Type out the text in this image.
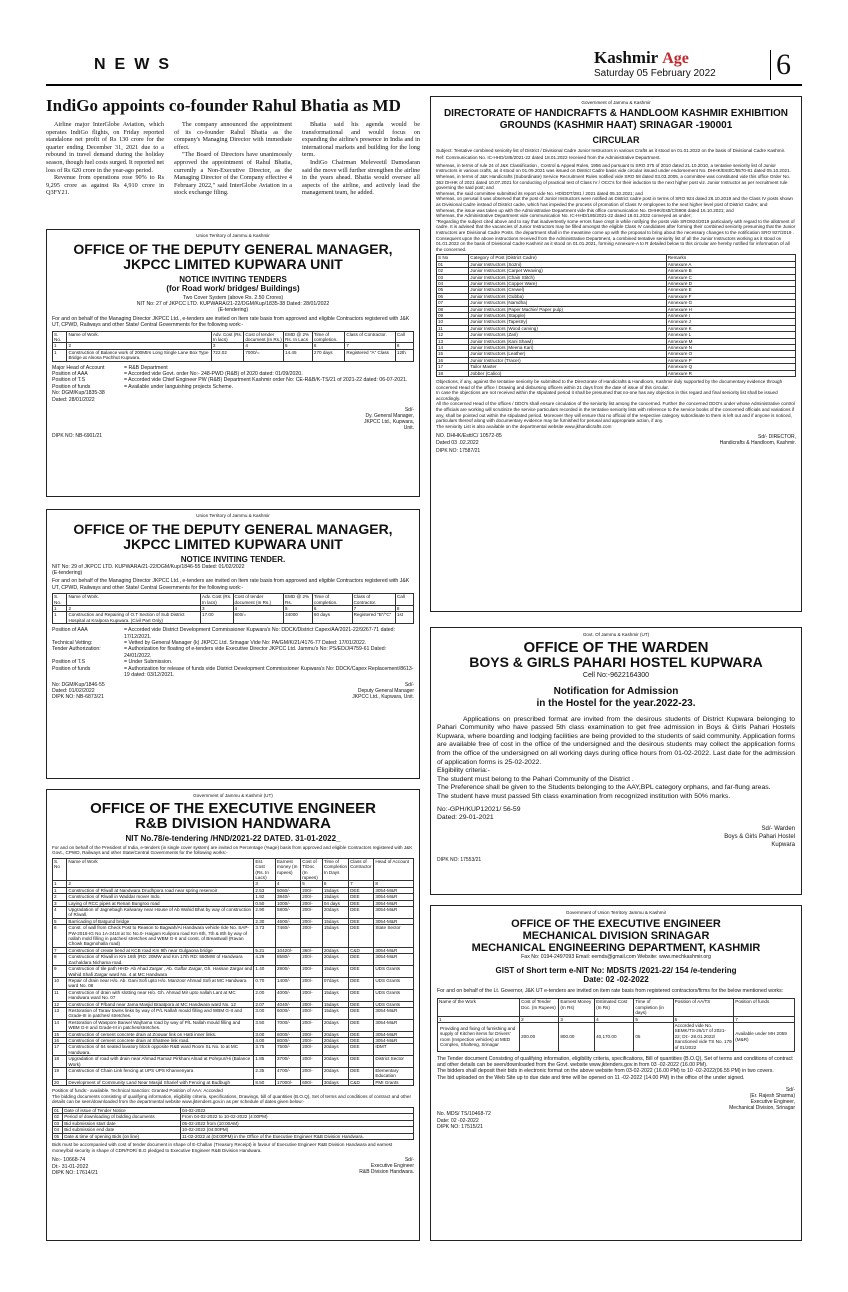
NEWS	Kashmir Age
Saturday 05 February 2022 6
IndiGo appoints co-founder Rahul Bhatia as MD

Airline major InterGlobe Aviation, which operates IndiGo flights, on Friday reported standalone net profit of Rs 130 crore for the quarter ending December 31, 2021 due to a rebound in travel demand during the holiday season, though fuel costs surged. It reported net loss of Rs 620 crore in the year-ago period.

Revenue from operations rose 90% to Rs 9,295 crore as against Rs 4,910 crore in Q3FY21.

The company announced the appointment of its co-founder Rahul Bhatia as the company's Managing Director with immediate effect.

"The Board of Directors have unanimously approved the appointment of Rahul Bhatia, currently a Non-Executive Director, as the Managing Director of the Company effective 4 February 2022," said InterGlobe Aviation in a stock exchange filing.

Bhatia said his agenda would be transformational and would focus on expanding the airline's presence in India and in international markets and building for the long term.

IndiGo Chairman Meleveetil Damodaran said the move will further strengthen the airline in the years ahead. Bhatia would oversee all aspects of the airline, and actively lead the management team, he added.

Union Territory of Jammu & Kashmir
OFFICE OF THE DEPUTY GENERAL MANAGER, JKPCC LIMITED KUPWARA UNIT
NOTICE INVITING TENDERS
(for Road work/ bridges/ Buildings)
Two Cover System (above Rs. 2.50 Crores)
NIT No: 27 of JKPCC LTD. KUPWARA/21-22/DGM/Kup/1835-38 Dated: 28/01/2022
(E-tendering)
For and on behalf of the Managing Director JKPCC Ltd., e-tenders are invited on Item rate basis from approved and eligible Contractors registered with J&K UT, CPWD, Railways and other State/ Central Governments for the following work:-
S. No.	Name of Work.	Adv. Cost (Rs. In lacs)	Cost of tender document (In Rs.)	EMD @ 2% Rs. In Lacs	Time of completion.	Class of Contractor.	Call
1	2	3	4	5	6	7	8
1	Construction of Balance work of 200Mtrs Long Single Lane Box Type Bridge at Alsosa Pachhut Kupwara.	722.02	7000/=	14.45	270 days	Registered "A" Class	12th
Major Head of Account	= R&B Department
Position of AAA	= Accorded vide Govt. order No:- 248-PWD (R&B) of 2020 dated: 01/09/2020.
Position of T.S	= Accorded vide Chief Engineer PW (R&B) Department Kashmir order No: CE-R&B/K-TS/21 of 2021-22 dated: 06-07-2021.
Position of funds	= Available under languishing projects Scheme.
No: DGM/Kup/1835-38
Dated: 28/01/2022
Sd/-
Dy. General Manager,
JKPCC Ltd., Kupwara,
Unit.
DIPK NO: NB-6901/21
Union Territory of Jammu & Kashmir
OFFICE OF THE DEPUTY GENERAL MANAGER, JKPCC LIMITED KUPWARA UNIT
NOTICE INVITING TENDER.
NIT No: 29 of JKPCC LTD. KUPWARA/21-22/DGM/Kup/1846-55 Dated: 01/02/2022
(E-tendering)
For and on behalf of the Managing Director JKPCC Ltd., e-tenders are invited on Item rate basis from approved and eligible Contractors registered with J&K UT, CPWD, Railways and other State/ Central Governments for the following work:-
S. No.	Name of Work.	Adv. Cost (Rs. In lacs)	Cost of tender document (In Rs.)	EMD @ 2% Rs.	Time of completion.	Class of Contractor.	Call
1	2	3	4	5	6	7	8
1	Construction and Repairing of O.T Section of Sub District Hospital at Kralpora Kupwara. (Civil Part Only)	17.00	800/=	34000	60 days	Registered "B"/"C"	1st
Position of AAA	= Accorded vide District Development Commissioner Kupwara's No: DDCK/District Capex/AA/2021-22/9267-71 dated: 17/12/2021.
Technical Vetting:	= Vetted by General Manager (k) JKPCC Ltd. Srinagar Vide No: PA/GM/K/21/4176-77 Dated: 17/01/2022.
Tender Authorization:	= Authorization for floating of e-tenders vide Executive Director JKPCC Ltd. Jammu's No: PS/ED/J/4759-61 Dated: 24/01/2022.
Position of T.S	= Under Submission.
Position of funds	= Authorization for release of funds vide District Development Commissioner Kupwara's No: DDCK/Capex Replacement/8613-19 dated: 03/12/2021.
No: DGM/Kup/1846-55
Dated: 01/02/2022
DIPK NO: NB-6873/21
Sd/-
Deputy General Manager
JKPCC Ltd., Kupwara, Unit.
Government of Jammu & Kashmir (UT)
OFFICE OF THE EXECUTIVE ENGINEER
R&B DIVISION HANDWARA
NIT No.78/e-tendering /HND/2021-22 DATED. 31-01-2022_
For and on behalf of the President of India, e-tenders (in single cover system) are invited on Percentage (%age) basis from approved and eligible Contractors registered with J&K Govt., CPWD, Railways and other State/Central Governments for the following works:-
S. No	Name of Work	Est. Cost (Rs. In Lacs)	Earnest money (In rupees)	Cost of T/Doc (In rupees)	Time of Completion In Days	Class of Contractor	Head of Account
1	2	3	4	5	6	7	8
1	Construction of R/wall at Nandwara Drudhpora road near spring reservoir	2.53	5060/-	200/-	15days	DEE	3054-M&R
2	Construction of R/wall in Waddar mover Indo.	1.92	3840/-	200/-	15days	DEE	3054-M&R
3	Laying of RCC pipes at Renan Bungroo road	0.50	1000/-	200/-	04 days	DEE	3054-M&R
4	Upgradation of Jagnebagh Kalwaray near House of Ab Wahid Bhat by way of construction of R/wall.	2.90	5800/-	200/-	20days	DEE	3054-M&R
5	Barricading of Batgund bridge	2.30	4600/-	200/-	15days	DEE	3054-M&R
6	Const. of wall from Check Post to Reason to Bagwah/Ai Handwara vehicle ride No. SAP-PW-2018-IG No 1A-2418 at Sc No.0- Haigam Kulipora road Km 6th, 7th & 8th by way of nallah mold filling in patches/ stretches and WBM G-II and const. of Breastwall (Ravan Chowk Bagmohalla road)	3.73	7460/-	200/-	15days	DEE	State Sector
7	Construction of create bend at KCB road Km 9th near Gulgaona bridge	5.21	10420/-	360/-	20days	C&D	3054-M&R
8	Construction of R/wall in Km 16th (RD: 20MW and Km 17th RD: 550MW of Handwara Zachaldara Nichama road.	4.29	8580/-	200/-	20days	DEE	3054-M&R
9	Construction of tile path HHD- Ab Ahad Zargar , Ab. Gaffar Zargar, Gh. Hassan Zargar and Wahid Shafi Zargar ward No. 4 at MC Handwara	1.40	2800/-	200/-	15days	DEE	UDS Grants
10	Repair of drain near H/o. Ab. Gani Sofi upto H/o. Manzoor Ahmad Sofi at MC Handwara ward No. 08	0.70	1400/-	200/-	07days	DEE	UDS Grants
11	Construction of drain with slotting near H/o. Gh. Ahmad Mir upto nallah Lant at MC Handwara ward No. 07	2.00	4000/-	200/-	15days	DEE	UDS Grants
12	Construction of P/band near Jama Masjid Braatpora at MC Handwara ward No. 12	2.07	4040/-	200/-	15days	DEE	UDS Grants
13	Restoration of Taraw towns links by way of P/L Nallah mould filling and WBM G-II and Grade-III in patches/ stretches.	3.00	6000/-	200/-	15days	DEE	3054-M&R
14	Restoration of Waspore Barwel Wajhama road by way of P/L Nallah mould filling and WBM G-II and Grade-III in patches/stretches.	3.50	7000/-	200/-	20days	DEE	3054-M&R
15	Construction of cement concrete drain at Zoowar link on Hatti inner links.	3.00	6000/-	200/-	20days	DEE	3054-M&R
16	Construction of cement concrete drain at Shatnee link road.	4.00	8000/-	200/-	20days	DEE	3054-M&R
17	Construction of 64 seated lavatory block opposite R&B ward Room SL No. to at MC Handwara.	3.75	7500/-	200/-	20days	DEE	IDMT
18	Upgradation of road with drain near Ahmad Ramaz Pirkhani Alnad at Pohrpur/Hi (Balance Work)	1.85	3700/-	200/-	20days	DEE	District Sector
19	Construction of Chain Link fencing at UPS UPS Khanvenyara	2.35	4700/-	200/-	20days	DEE	Elementary Education
20	Development of Community Land Near Masjid Sharief with Fencing at Budbugh	8.50	17000/-	600/-	30days	C&D	PMI Grants
Position of funds:- available. Technical Sanction: Granted Position of AAA: Accorded
The bidding documents consisting of qualifying information, eligibility criteria, specifications, Drawings, bill of quantities (B.O.Q), Set of terms and conditions of contract and other details can be seen/downloaded from the departmental website www.jktenders.gov.in as per schedule of dates given below:-
01	Date of issue of Tender Notice	04-02-2022
02	Period of downloading of bidding documents	From 04-02-2022 to 10-02-2022 (4:00PM)
03	Bid submission start date	05-02-2022 from (10:00AM)
04	Bid submission end date	10-02-2022 (04:00PM)
05	Date & time of opening Bids (on line)	11-02-2022 at (04:00PM) in the Office of the Executive Engineer R&B Division Handwara.
Bids must be accompanied with cost of tender document in shape of E-Challan (Treasury Receipt) in favour of Executive Engineer R&B Division Handwara and earnest money/bid security in shape of CDR/FDR/ B.G pledged to Executive Engineer R&B Division Handwara.
No:- 10668-74
Dt:- 31-01-2022
DIPK NO: 17614/21
Sd/-
Executive Engineer
R&B Division Handwara.
Government of Jammu & Kashmir
DIRECTORATE OF HANDICRAFTS & HANDLOOM KASHMIR EXHIBITION GROUNDS (KASHMIR HAAT) SRINAGAR -190001
CIRCULAR
Subject: Tentative combined seniority list of District / Divisional Cadre Junior Instructors in various Crafts as it stood on 01.01.2022 on the basis of Divisional Cadre Kashmir.
Ref: Communication No. IC-HHD/185/2021-22 dated 18.01.2022 received from the Administrative Department.

Whereas, in terms of rule 24 of J&K Classification , Control & Appeal Rules, 1956 and pursuant to SRO 375 of 2010 dated 21.10.2010, a tentative seniority list of Junior Instructors in various crafts, as it stood on 01.09.2021 was issued on District Cadre basis vide circular issued under endorsement No. DHHK/Estt/C/5570-81 dated 05.10.2021.

Whereas, in terms of J&K Handicrafts (Subordinate) Service Recruitment Rules notified vide SRO 58 dated 03.03.2005, a committee was constituted vide this office Order No. 362 DHHK of 2021 dated 10.07.2021 for conducting of practical test of Class IV / OCC's for their induction to the next higher post viz. Junior Instructor as per recruitment rule governing the said post; and

Whereas, the said committee submitted its report vide No. HD/DDT/281 / 2021 dated 05.10.2021; and

Whereas, on perusal it was observed that the post of Junior Instructors were notified as District cadre post in terms of SRO 924 dated 26.10.2019 and the Class IV posts shown as Divisional Cadre instead of District cadre, which has impeded the process of promotion of Class IV employees to the next higher level post of District Cadre; and

Whereas, the issue was taken up with the Administrative Department vide this office communication No. DHHK/Estt/C/5908 dated 16.10.2021; and

Whereas, the Administrative Department vide communication No. IC-HHD/185/2021-22 dated 18.01.2022 conveyed as under;

"Regarding the subject cited above and to say that inadvertently some errors have crept in while notifying the posts vide SRO924/2019 particularly with regard to the allotment of cadre. It is advised that the vacancies of Junior Instructors may be filled amongst the eligible Class IV candidates after forming their combined seniority presuming that the Junior Instructors are Divisional Cadre Posts. the department shall in the meantime come up with the proposal to bring about the necessary changes to the notification SRO 927/2019 . Consequent upon the above instructions received from the Administrative Department, a combined tentative seniority list of all the Junior Instructors working as it stood on 01.01.2022 on the basis of Divisional Cadre Kashmir as it stood on 01.01.2021, forming Annexure-A to R detailed below to this circular are hereby notified for information of all the concerned.

S No	Category of Post (District Cadre)	Remarks
01	Junior Instructors (Sozni)	Annexure A
02	Junior Instructors (Carpet Weaving)	Annexure B
03	Junior Instructors (Chain Stitch)	Annexure C
04	Junior Instructors (Copper Ware)	Annexure D
05	Junior Instructors (Crewel)	Annexure E
06	Junior Instructors (Gubba)	Annexure F
07	Junior Instructors (Namdha)	Annexure G
08	Junior Instructors (Paper Machie/ Paper pulp)	Annexure H
09	Junior Instructors (Stapple)	Annexure I
10	Junior Instructors (Tapestry)	Annexure J
11	Junior Instructors (Wood carving)	Annexure K
12	Junior Instructors (Zari)	Annexure L
13	Junior Instructors (Kani Shawl)	Annexure M
14	Junior Instructors (Meena Kari)	Annexure N
15	Junior Instructors (Leather)	Annexure O
16	Junior Instructor (Tracer)	Annexure P
17	Tailor Master	Annexure Q
18	Jobber (Calico)	Annexure R

Objections, if any, against the tentative seniority be submitted to the Directorate of Handicrafts & Handloom, Kashmir duly supported by the documentary evidence through concerned Head of the office / Drawing and disbursing officers within 21 days from the date of issue of this circular.

In case the objections are not received within the stipulated period it shall be presumed that no-one has any objection in this regard and final seniority list shall be issued accordingly.

All the concerned Head of the offices / DDO's shall ensure circulation of the seniority list among the concerned. Further the concerned DDO's under whose Administrative control the officials are working will scrutinize the service particulars recorded in the tentative seniority lists with reference to the service books of the concerned officials and variations if any, shall be pointed out within the stipulated period. Moreover they will ensure that no official of the respective category subordinate to them is left out and if anyone is noticed, particulars thereof along with documentary evidence may be furnished for perusal and appropriate action, if any.

The seniority List is also available on the departmental website www.jkhandicrafts.com

NO. DHHK/Estt/C/ 10572-85
Dated 03 .02.2022
Sd/- DIRECTOR,
Handicrafts & Handloom, Kashmir.
DIPK NO: 17587/21
Govt. Of Jammu & Kashmir (UT)
OFFICE OF THE WARDEN
BOYS & GIRLS PAHARI HOSTEL KUPWARA
Cell No:-9622164300
Notification for Admission
in the Hostel for the year.2022-23.
Applications on prescribed format are invited from the desirous students of District Kupwara belonging to Pahari Community who have passed 5th class examination to get free admission in Boys & Girls Pahari Hostels Kupwara, where boarding and lodging facilities are being provided to the students of said community. Application forms are available free of cost in the office of the undersigned and the desirous students may collect the application forms from the office of the undersigned on all working days during office hours from 01-02-2022. Last date for the admission of application forms is 25-02-2022.
Eligibility criteria:-
The student must belong to the Pahari Community of the District .
The Preference shall be given to the Students belonging to the AAY,BPL category orphans, and far-flung areas.
The student have must passed 5th class examination from recognized institution with 50% marks.
No:-GPH/KUP12021/ 56-59
Dated: 29-01-2021
Sd/- Warden
Boys & Girls Pahari Hostel
Kupwara
DIPK NO: 17553/21
Government of Union Territory Jammu & Kashmir
OFFICE OF THE EXECUTIVE ENGINEER
MECHANICAL DIVISION SRINAGAR
MECHANICAL ENGINEERING DEPARTMENT, KASHMIR
Fax No: 0194-2497093 Email: eemds@gmail.com Website: www.mechkashmir.org
GIST of Short term e-NIT No: MDS/TS /2021-22/ 154 /e-tendering
Date: 02 -02-2022
For and on behalf of the Lt. Governor, J&K UT e-tenders are invited on item rate basis from registered contractors/firms for the below mentioned works:
Name of the Work	Cost of Tender Doc. (In Rupees)	Earnest Money (In Rs)	Estimated Cost (In Rs)	Time of completion (in days)	Position of AA/TS	Position of funds
1	2	3	4	5	6	7
Providing and fixing of furnishing and supply of Kitchen items for Drivers' room (Inspection vehicles) at MED Complex, Shalteng, Srinagar	200.00	800.00	40,170.00	05	Accorded vide No. SEMK/TS-26/17 of 2021-22; Dt:- 28.01.2022/ Sanctioned vide TS No. 179 of 01/2022	Available under MH 2059 (M&R)

The Tender document Consisting of qualifying information, eligibility criteria, specifications, Bill of quantities (B.O.Q), Set of terms and conditions of contract and other details can be seen/downloaded from the Govt. website www.jktenders.gov.in from 03 -02-2022 (16.00 PM).

The bidders shall deposit their bids in electronic format on the above website from 03-02-2022 (16.00 PM) to 10 -02-2022(06.55 PM) in two covers.

The bid uploaded on the Web Site up to due date and time will be opened on 11 -02-2022 (14.00 PM) in the office of the under signed.

Sd/-
(Er. Rajesh Sharma)
Executive Engineer,
Mechanical Division, Srinagar
No. MDS/ TS/10468-72
Date: 02 -02-2022
DIPK NO: 17515/21
